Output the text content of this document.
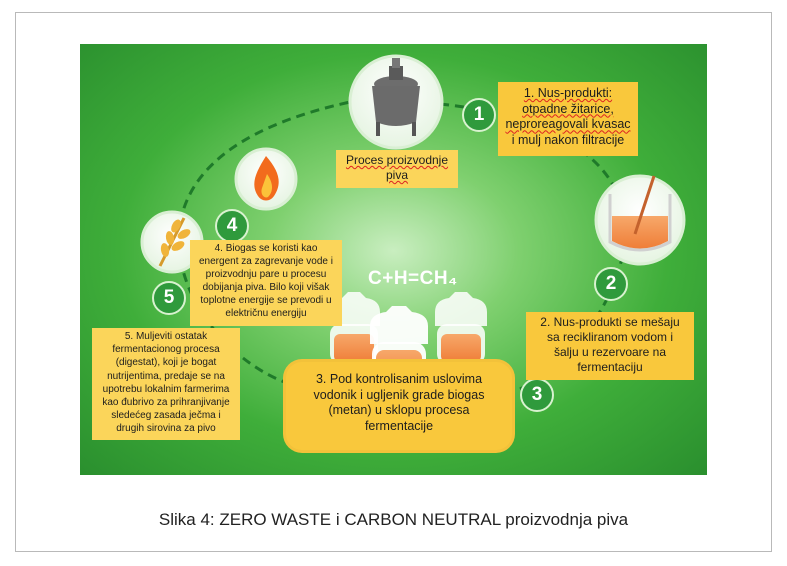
C+H=CH₄
Proces proizvodnje
piva
1
2
3
4
5
1. Nus-produkti:
otpadne žitarice,
neproreagovali kvasac
i mulj nakon filtracije
2. Nus-produkti se mešaju
sa recikliranom vodom i
šalju u rezervoare na
fermentaciju
3. Pod kontrolisanim uslovima
vodonik i ugljenik grade biogas
(metan) u sklopu procesa
fermentacije
4. Biogas se koristi kao
energent za zagrevanje vode i
proizvodnju pare u procesu
dobijanja piva. Bilo koji višak
toplotne energije se prevodi u
električnu energiju
5. Muljeviti ostatak
fermentacionog procesa
(digestat), koji je bogat
nutrijentima, predaje se na
upotrebu lokalnim farmerima
kao đubrivo za prihranjivanje
sledećeg zasada ječma i
drugih sirovina za pivo
Slika 4: ZERO WASTE i CARBON NEUTRAL proizvodnja piva
